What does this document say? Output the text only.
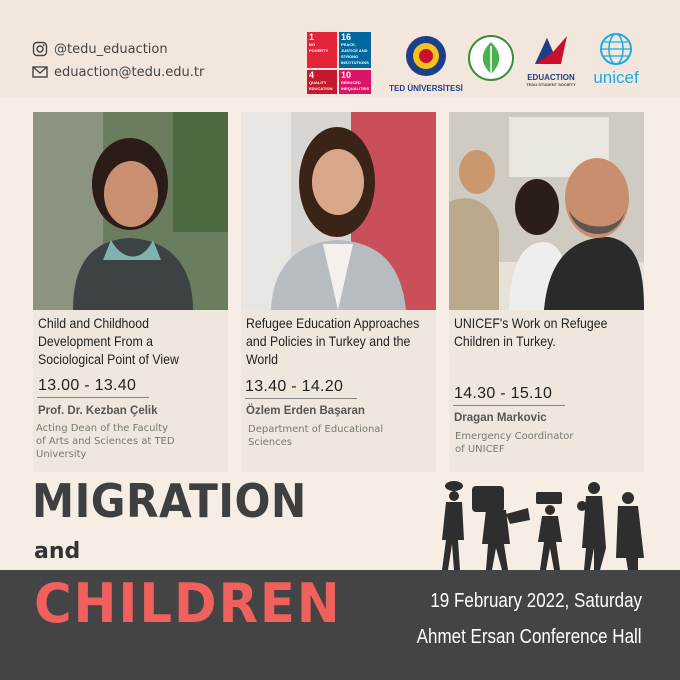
@tedu_eduaction
eduaction@tedu.edu.tr
1
NO POVERTY
16
PEACE, JUSTICE AND STRONG INSTITUTIONS
4
QUALITY EDUCATION
10
REDUCED INEQUALITIES	TED ÜNİVERSİTESİ
EDUACTION
TEDU STUDENT SOCIETY	unicef
Child and Childhood
Development From a
Sociological Point of View
13.00 - 13.40
Prof. Dr. Kezban Çelik
Acting Dean of the Faculty
of Arts and Sciences at TED
University
Refugee Education Approaches
and Policies in Turkey and the
World
13.40 - 14.20
Özlem Erden Başaran
Department of Educational
Sciences
UNICEF's Work on Refugee
Children in Turkey.
14.30 - 15.10
Dragan Markovic
Emergency Coordinator
of UNICEF
MIGRATION
and
CHILDREN	19 February 2022, Saturday
Ahmet Ersan Conference Hall
